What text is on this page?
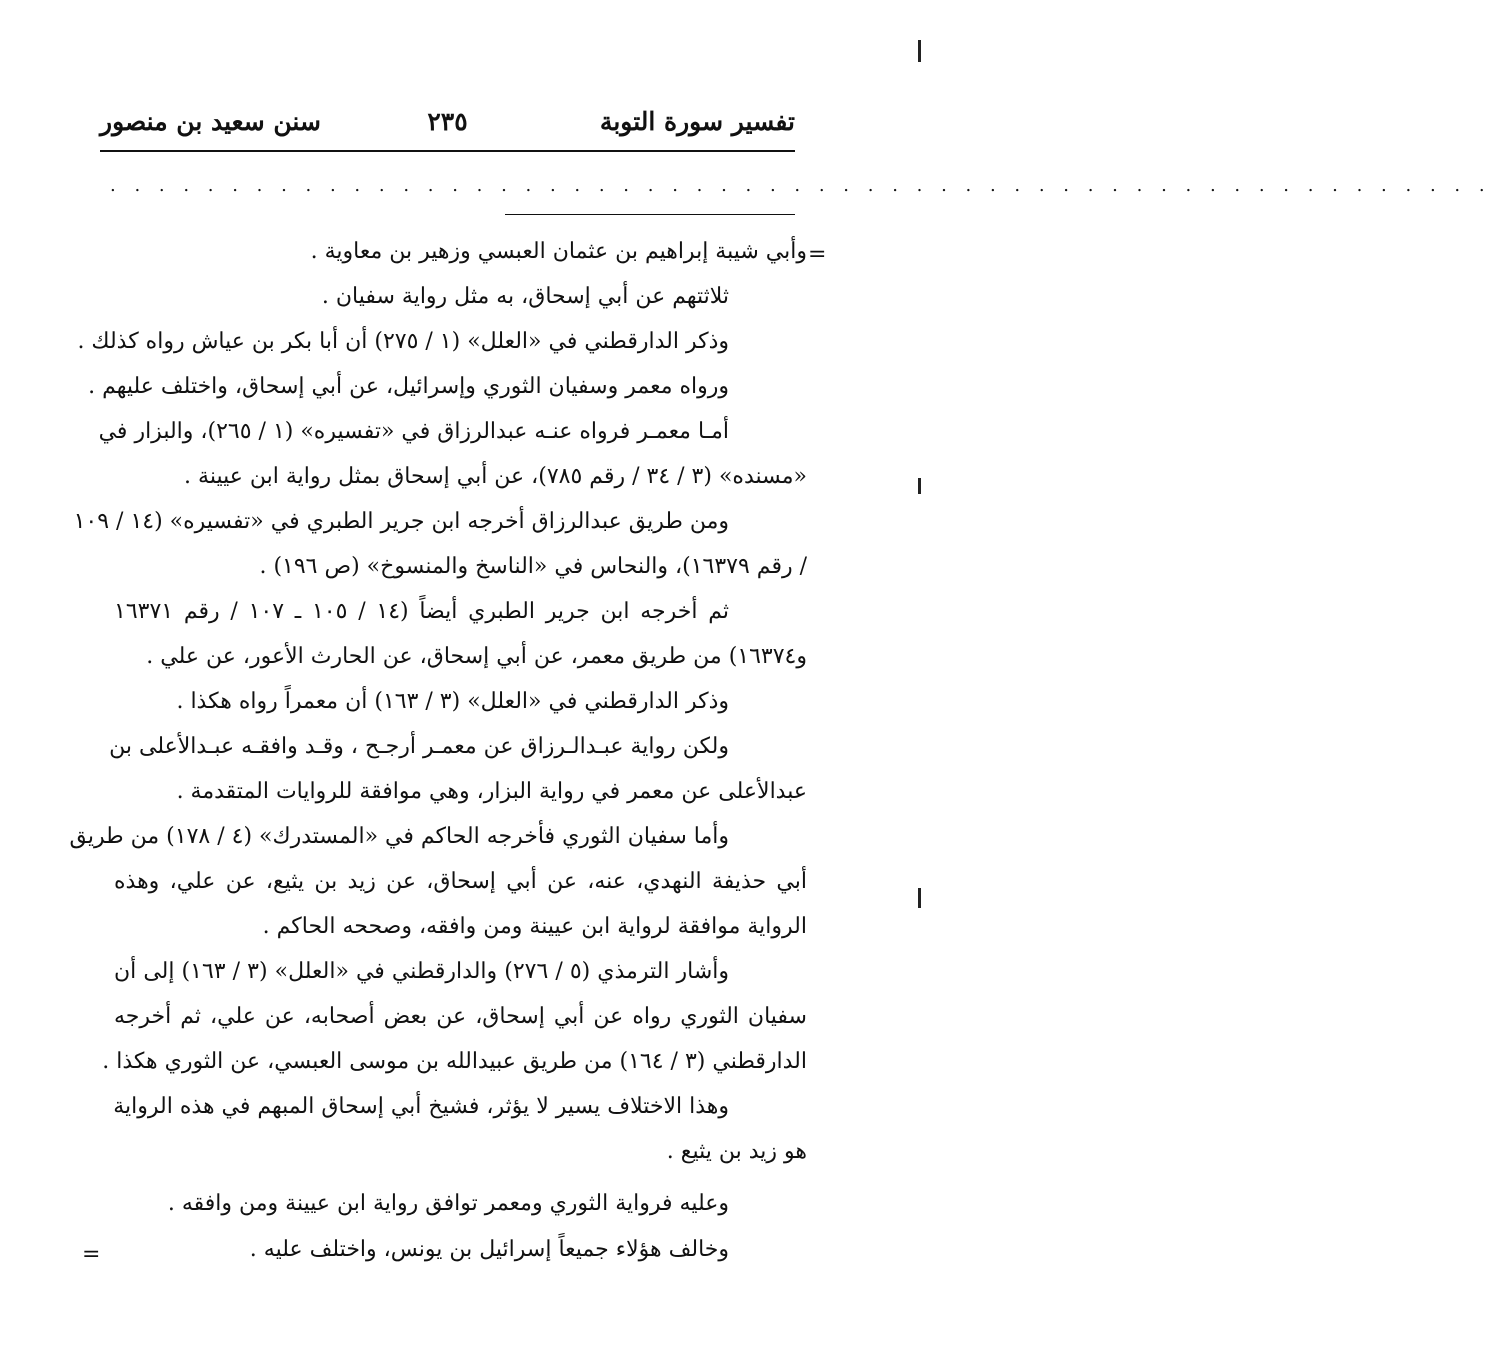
٢٣٥	تفسير سورة التوبة
سنن سعيد بن منصور
. . . . . . . . . . . . . . . . . . . . . . . . . . . . . . . . . . . . . . . . . . . . . . . . . . . . . . . . .
=
=
وأبي شيبة إبراهيم بن عثمان العبسي وزهير بن معاوية .
ثلاثتهم عن أبي إسحاق، به مثل رواية سفيان .
وذكر الدارقطني في «العلل» (١ / ٢٧٥) أن أبا بكر بن عياش رواه كذلك .
ورواه معمر وسفيان الثوري وإسرائيل، عن أبي إسحاق، واختلف عليهم .
أمـا معمـر فرواه عنـه عبدالرزاق في «تفسيره» (١ / ٢٦٥)، والبزار في
«مسنده» (٣ / ٣٤ / رقم ٧٨٥)، عن أبي إسحاق بمثل رواية ابن عيينة .
ومن طريق عبدالرزاق أخرجه ابن جرير الطبري في «تفسيره» (١٤ / ١٠٩
/ رقم ١٦٣٧٩)، والنحاس في «الناسخ والمنسوخ» (ص ١٩٦) .
ثم أخرجه ابن جرير الطبري أيضاً (١٤ / ١٠٥ ـ ١٠٧ / رقم ١٦٣٧١
و١٦٣٧٤) من طريق معمر، عن أبي إسحاق، عن الحارث الأعور، عن علي .
وذكر الدارقطني في «العلل» (٣ / ١٦٣) أن معمراً رواه هكذا .
ولكن رواية عبـدالـرزاق عن معمـر أرجـح ، وقـد وافقـه عبـدالأعلى بن
عبدالأعلى عن معمر في رواية البزار، وهي موافقة للروايات المتقدمة .
وأما سفيان الثوري فأخرجه الحاكم في «المستدرك» (٤ / ١٧٨) من طريق
أبي حذيفة النهدي، عنه، عن أبي إسحاق، عن زيد بن يثيع، عن علي، وهذه
الرواية موافقة لرواية ابن عيينة ومن وافقه، وصححه الحاكم .
وأشار الترمذي (٥ / ٢٧٦) والدارقطني في «العلل» (٣ / ١٦٣) إلى أن
سفيان الثوري رواه عن أبي إسحاق، عن بعض أصحابه، عن علي، ثم أخرجه
الدارقطني (٣ / ١٦٤) من طريق عبيدالله بن موسى العبسي، عن الثوري هكذا .
وهذا الاختلاف يسير لا يؤثر، فشيخ أبي إسحاق المبهم في هذه الرواية
هو زيد بن يثيع .
وعليه فرواية الثوري ومعمر توافق رواية ابن عيينة ومن وافقه .
وخالف هؤلاء جميعاً إسرائيل بن يونس، واختلف عليه .
